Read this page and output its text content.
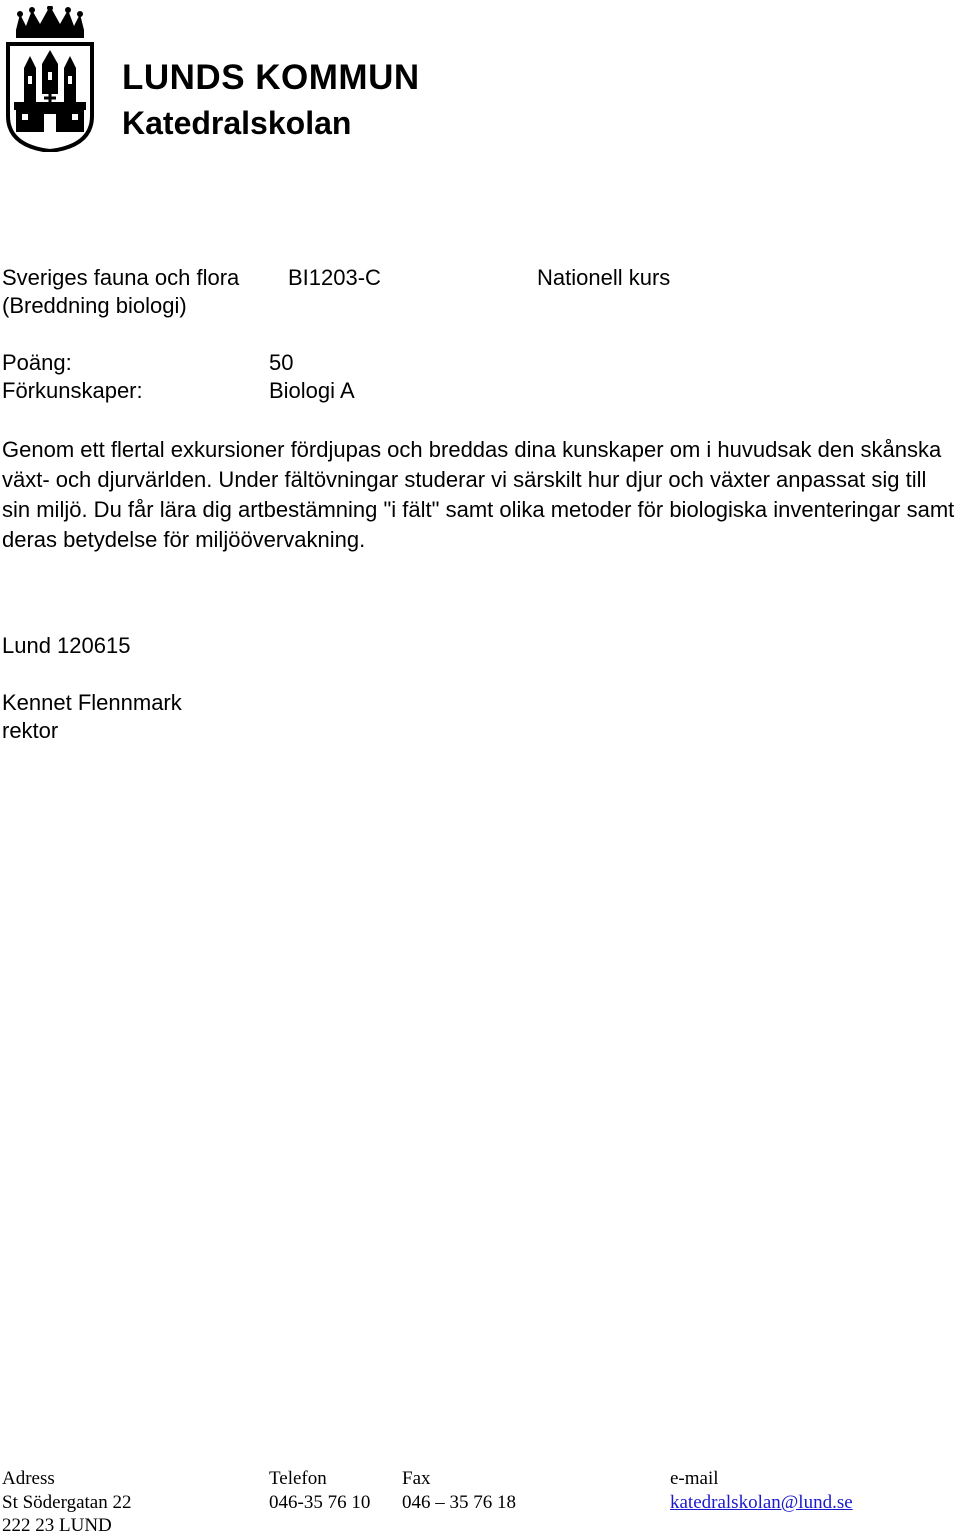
LUNDS KOMMUN
Katedralskolan
Sveriges fauna och flora BI1203-C	Nationell kurs
(Breddning biologi)
Poäng:	50
Förkunskaper:	Biologi A
Genom ett flertal exkursioner fördjupas och breddas dina kunskaper om i huvudsak den skånska växt- och djurvärlden. Under fältövningar studerar vi särskilt hur djur och växter anpassat sig till sin miljö. Du får lära dig artbestämning "i fält" samt olika metoder för biologiska inventeringar samt deras betydelse för miljöövervakning.
Lund 120615
Kennet Flennmark
rektor
Adress
St Södergatan 22
222 23 LUND
Telefon
046-35 76 10
Fax
046 – 35 76 18
e-mail
katedralskolan@lund.se
